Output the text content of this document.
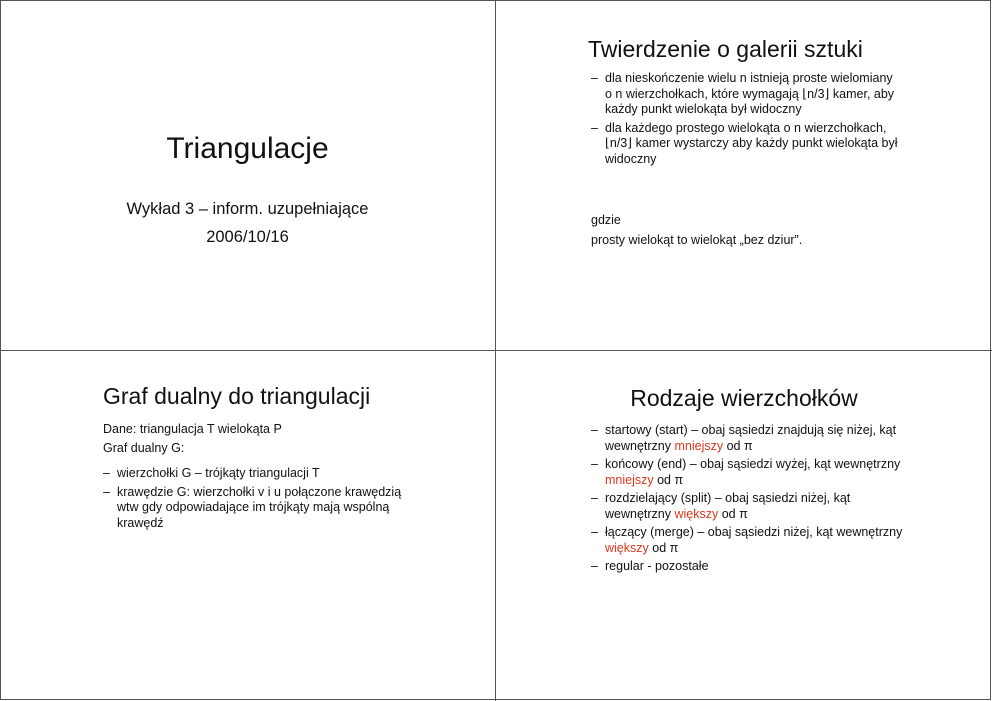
Triangulacje
Wykład 3 – inform. uzupełniające
2006/10/16
Twierdzenie o galerii sztuki
– dla nieskończenie wielu n istnieją proste wielomiany o n wierzchołkach, które wymagają ⌊n/3⌋ kamer, aby każdy punkt wielokąta był widoczny
– dla każdego prostego wielokąta o n wierzchołkach, ⌊n/3⌋ kamer wystarczy aby każdy punkt wielokąta był widoczny
gdzie
prosty wielokąt to wielokąt „bez dziur”.
Graf dualny do triangulacji
Dane: triangulacja T wielokąta P
Graf dualny G:
– wierzchołki G – trójkąty triangulacji T
– krawędzie G: wierzchołki v i u połączone krawędzią wtw gdy odpowiadające im trójkąty mają wspólną krawędź
Rodzaje wierzchołków
– startowy (start) – obaj sąsiedzi znajdują się niżej, kąt wewnętrzny mniejszy od π
– końcowy (end) – obaj sąsiedzi wyżej, kąt wewnętrzny mniejszy od π
– rozdzielający (split) – obaj sąsiedzi niżej, kąt wewnętrzny większy od π
– łączący (merge) – obaj sąsiedzi niżej, kąt wewnętrzny większy od π
– regular - pozostałe
